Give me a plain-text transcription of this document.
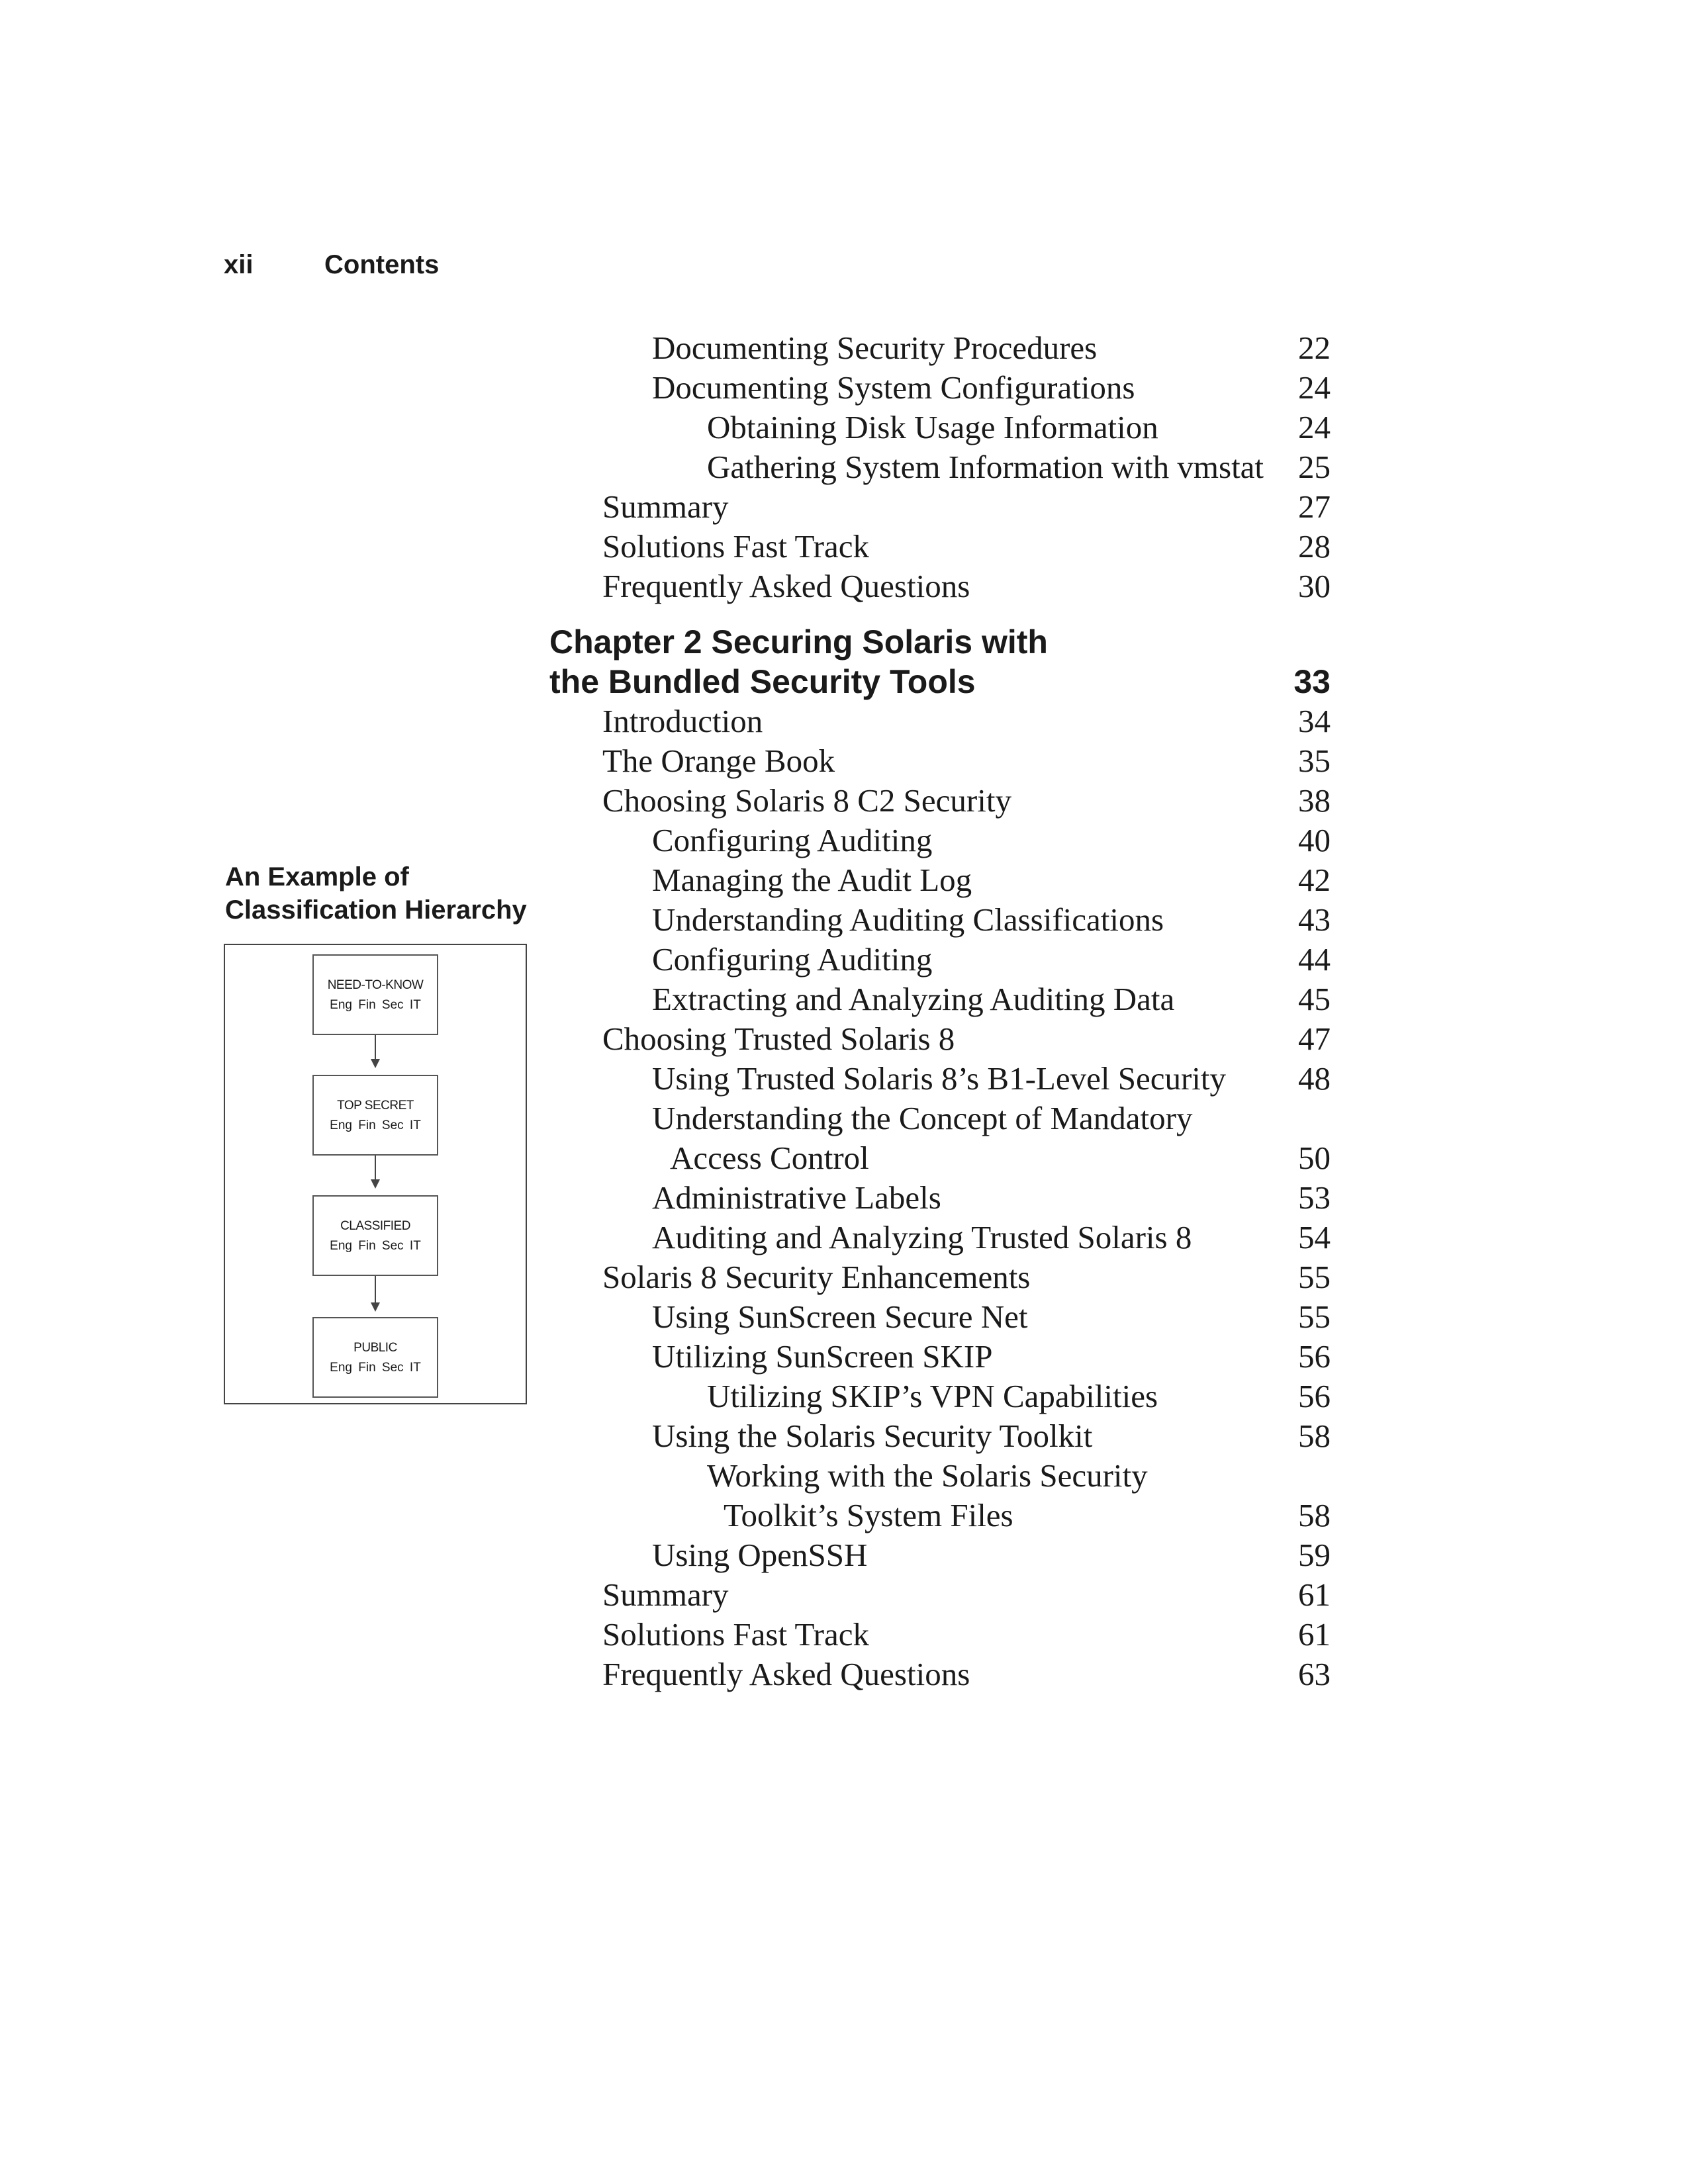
xii	Contents
Documenting Security Procedures	22
Documenting System Configurations	24
Obtaining Disk Usage Information	24
Gathering System Information with vmstat 25
Summary	27
Solutions Fast Track	28
Frequently Asked Questions	30
Chapter 2 Securing Solaris with
the Bundled Security Tools	33
Introduction	34
The Orange Book	35
Choosing Solaris 8 C2 Security	38
Configuring Auditing	40
Managing the Audit Log	42
Understanding Auditing Classifications	43
Configuring Auditing	44
Extracting and Analyzing Auditing Data	45
Choosing Trusted Solaris 8	47
Using Trusted Solaris 8’s B1-Level Security 48
Understanding the Concept of Mandatory
Access Control	50
Administrative Labels	53
Auditing and Analyzing Trusted Solaris 8	54
Solaris 8 Security Enhancements	55
Using SunScreen Secure Net	55
Utilizing SunScreen SKIP	56
Utilizing SKIP’s VPN Capabilities	56
Using the Solaris Security Toolkit	58
Working with the Solaris Security
Toolkit’s System Files	58
Using OpenSSH	59
Summary	61
Solutions Fast Track	61
Frequently Asked Questions	63
An Example of
Classification Hierarchy
NEED-TO-KNOW
Eng Fin Sec IT
TOP SECRET
Eng Fin Sec IT
CLASSIFIED
Eng Fin Sec IT
PUBLIC
Eng Fin Sec IT
